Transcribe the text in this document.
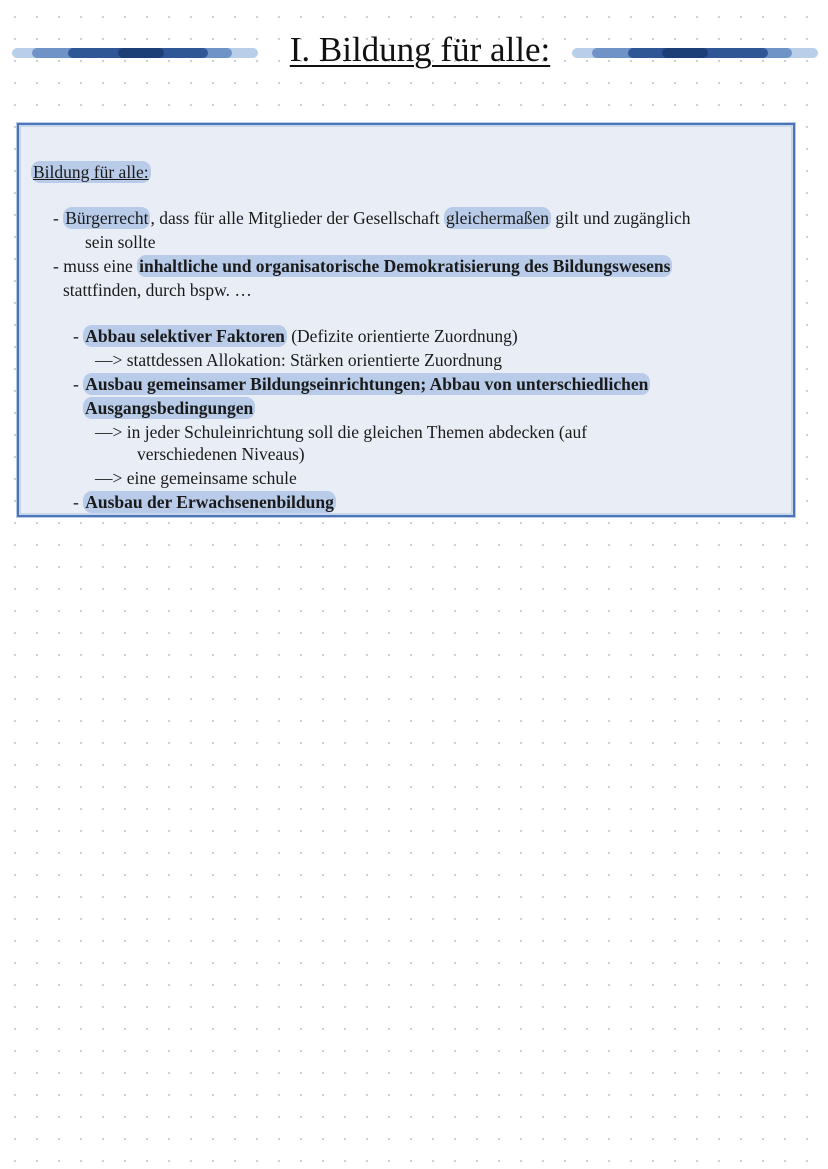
I. Bildung für alle:
Bildung für alle:
- Bürgerrecht , dass für alle Mitglieder der Gesellschaft gleichermaßen gilt und zugänglich
sein sollte
- muss eine inhaltliche und organisatorische Demokratisierung des Bildungswesens
stattfinden, durch bspw. …
- Abbau selektiver Faktoren (Defizite orientierte Zuordnung)
—> stattdessen Allokation: Stärken orientierte Zuordnung
- Ausbau gemeinsamer Bildungseinrichtungen; Abbau von unterschiedlichen
Ausgangsbedingungen
—> in jeder Schuleinrichtung soll die gleichen Themen abdecken (auf
verschiedenen Niveaus)
—> eine gemeinsame schule
- Ausbau der Erwachsenenbildung
